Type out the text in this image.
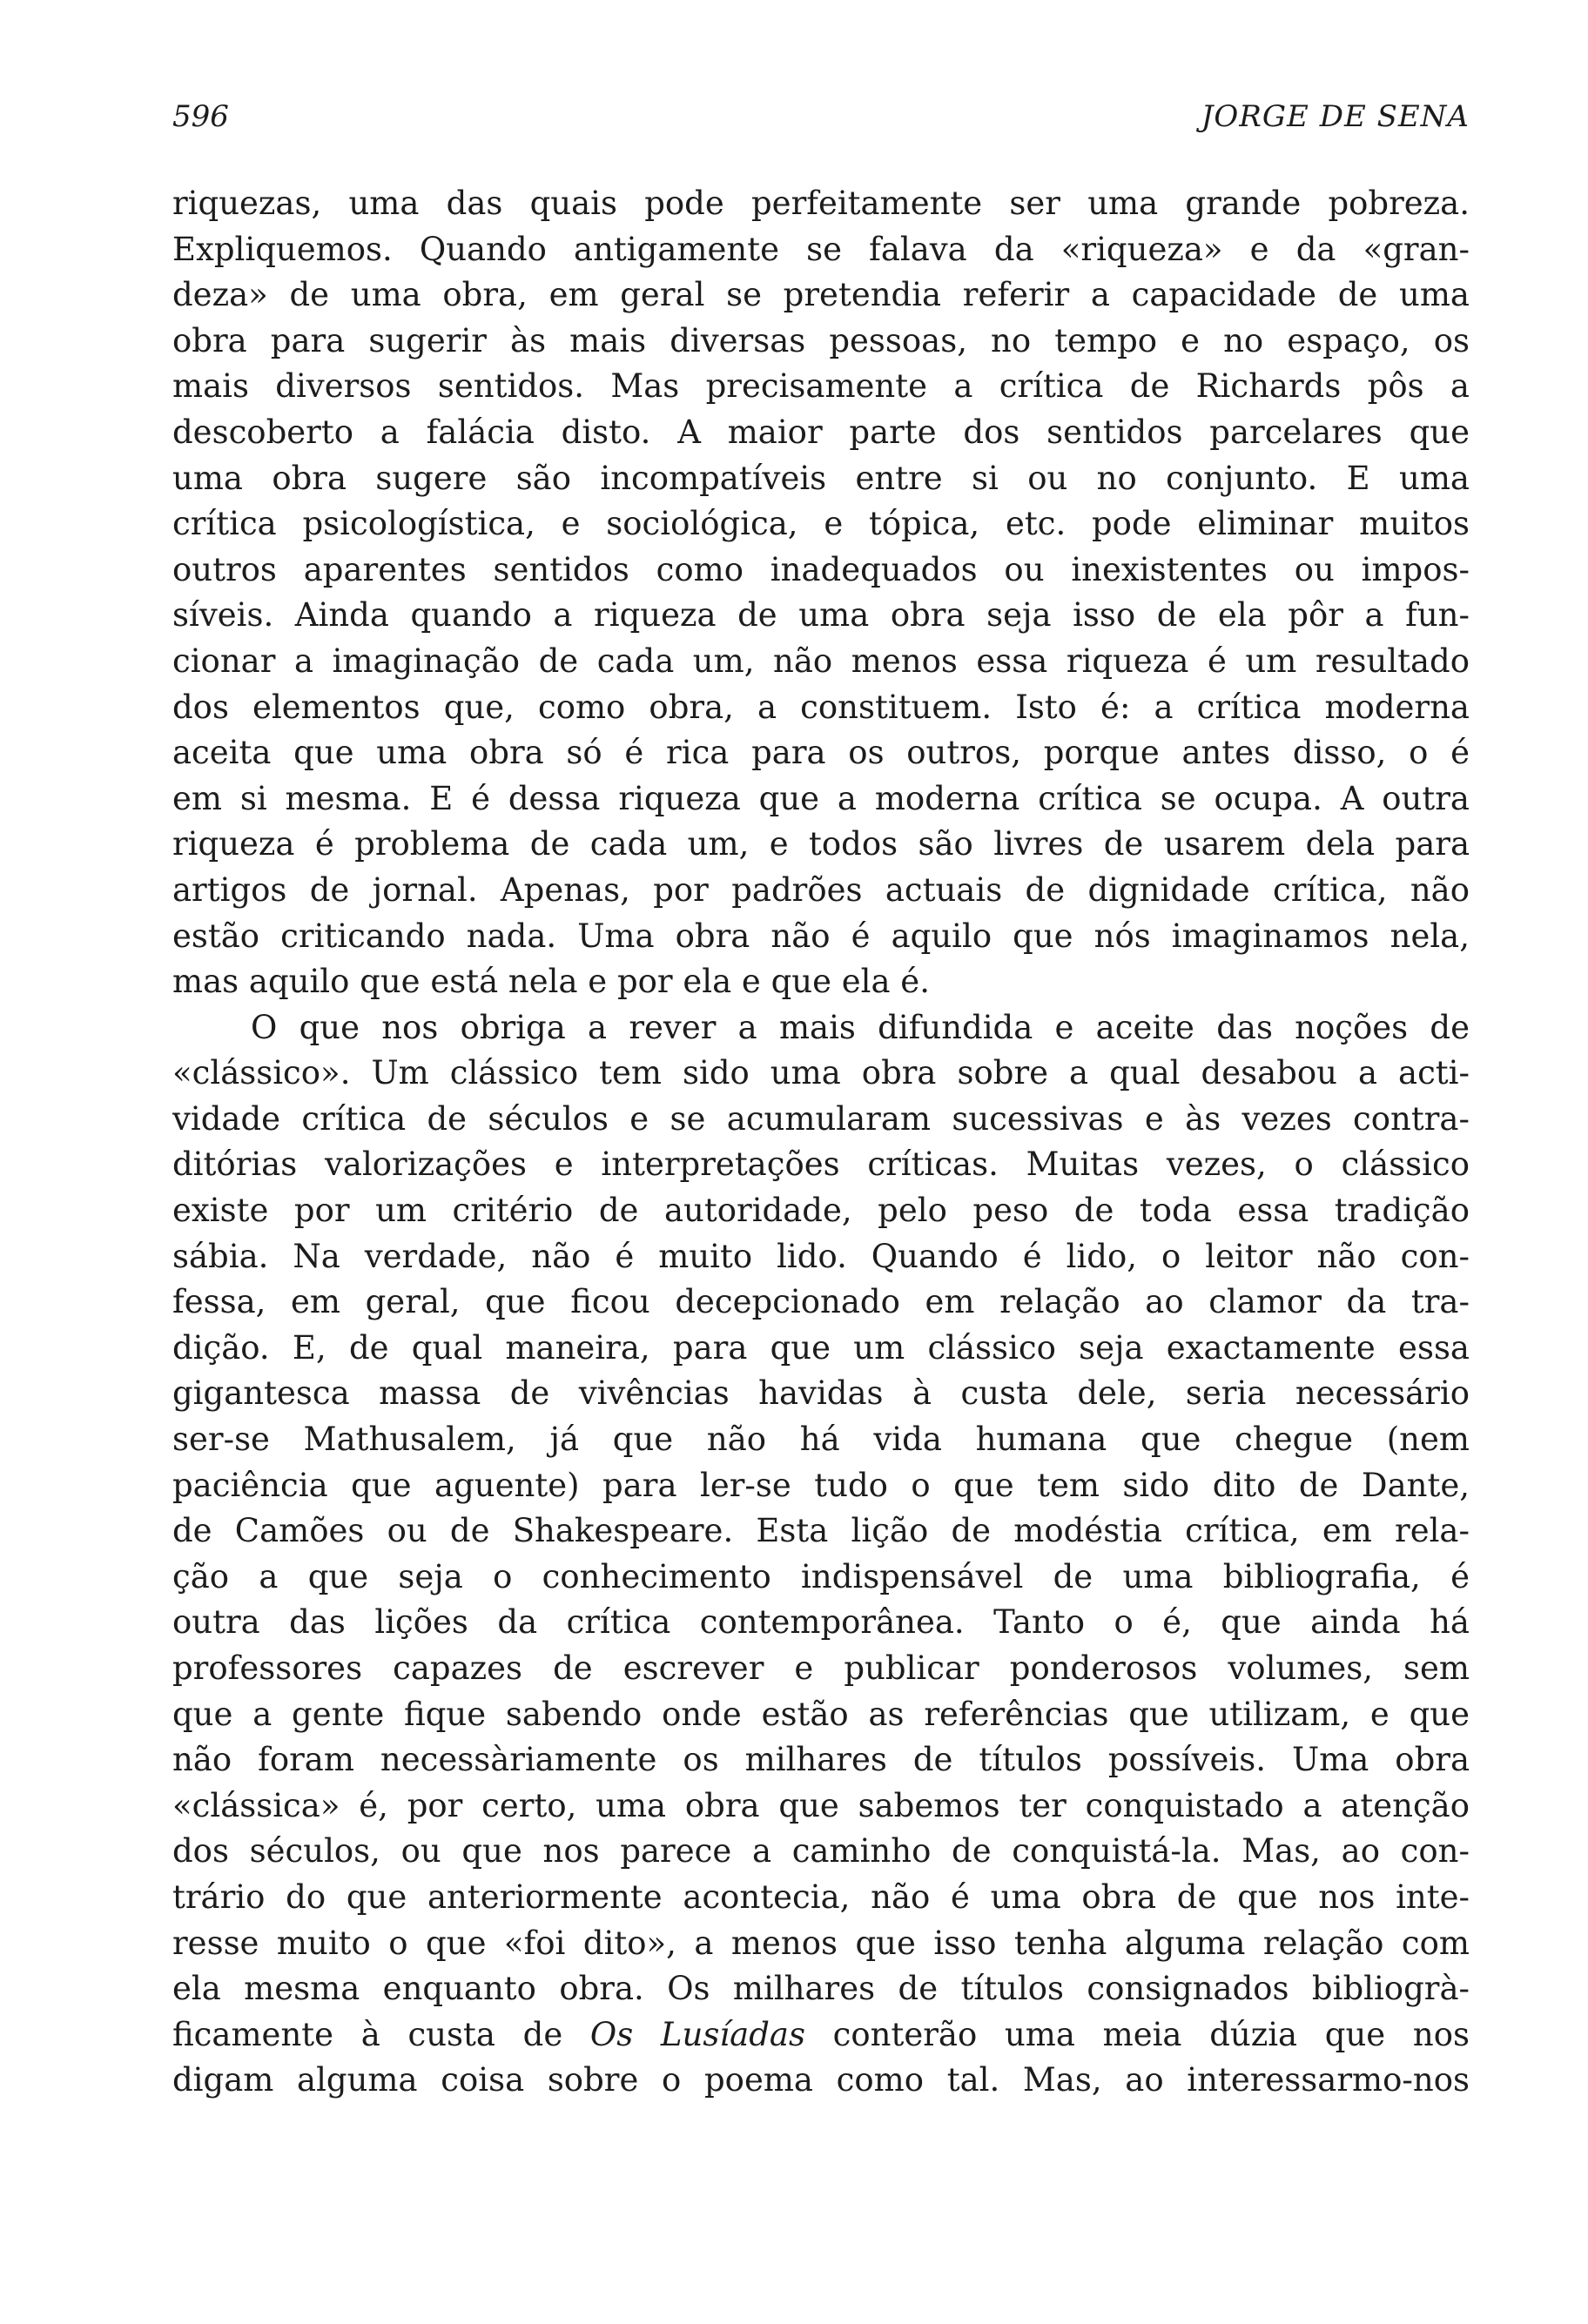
596	JORGE DE SENA
riquezas, uma das quais pode perfeitamente ser uma grande pobreza.
Expliquemos. Quando antigamente se falava da «riqueza» e da «gran-
deza» de uma obra, em geral se pretendia referir a capacidade de uma
obra para sugerir às mais diversas pessoas, no tempo e no espaço, os
mais diversos sentidos. Mas precisamente a crítica de Richards pôs a
descoberto a falácia disto. A maior parte dos sentidos parcelares que
uma obra sugere são incompatíveis entre si ou no conjunto. E uma
crítica psicologística, e sociológica, e tópica, etc. pode eliminar muitos
outros aparentes sentidos como inadequados ou inexistentes ou impos-
síveis. Ainda quando a riqueza de uma obra seja isso de ela pôr a fun-
cionar a imaginação de cada um, não menos essa riqueza é um resultado
dos elementos que, como obra, a constituem. Isto é: a crítica moderna
aceita que uma obra só é rica para os outros, porque antes disso, o é
em si mesma. E é dessa riqueza que a moderna crítica se ocupa. A outra
riqueza é problema de cada um, e todos são livres de usarem dela para
artigos de jornal. Apenas, por padrões actuais de dignidade crítica, não
estão criticando nada. Uma obra não é aquilo que nós imaginamos nela,
mas aquilo que está nela e por ela e que ela é.
O que nos obriga a rever a mais difundida e aceite das noções de
«clássico». Um clássico tem sido uma obra sobre a qual desabou a acti-
vidade crítica de séculos e se acumularam sucessivas e às vezes contra-
ditórias valorizações e interpretações críticas. Muitas vezes, o clássico
existe por um critério de autoridade, pelo peso de toda essa tradição
sábia. Na verdade, não é muito lido. Quando é lido, o leitor não con-
fessa, em geral, que ficou decepcionado em relação ao clamor da tra-
dição. E, de qual maneira, para que um clássico seja exactamente essa
gigantesca massa de vivências havidas à custa dele, seria necessário
ser-se Mathusalem, já que não há vida humana que chegue (nem
paciência que aguente) para ler-se tudo o que tem sido dito de Dante,
de Camões ou de Shakespeare. Esta lição de modéstia crítica, em rela-
ção a que seja o conhecimento indispensável de uma bibliografia, é
outra das lições da crítica contemporânea. Tanto o é, que ainda há
professores capazes de escrever e publicar ponderosos volumes, sem
que a gente fique sabendo onde estão as referências que utilizam, e que
não foram necessàriamente os milhares de títulos possíveis. Uma obra
«clássica» é, por certo, uma obra que sabemos ter conquistado a atenção
dos séculos, ou que nos parece a caminho de conquistá-la. Mas, ao con-
trário do que anteriormente acontecia, não é uma obra de que nos inte-
resse muito o que «foi dito», a menos que isso tenha alguma relação com
ela mesma enquanto obra. Os milhares de títulos consignados bibliogrà-
ficamente à custa de Os Lusíadas conterão uma meia dúzia que nos
digam alguma coisa sobre o poema como tal. Mas, ao interessarmo-nos
